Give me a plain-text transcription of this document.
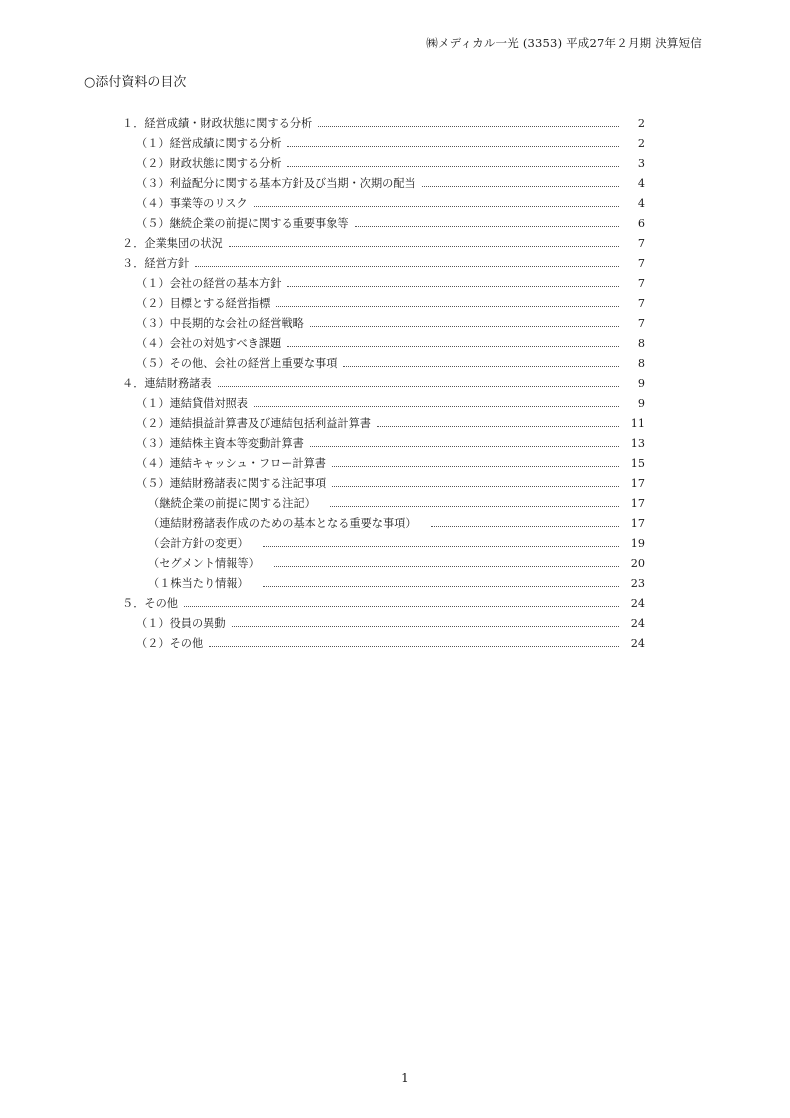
㈱メディカル一光 (3353) 平成27年２月期 決算短信
○添付資料の目次
１．経営成績・財政状態に関する分析	2
（１）経営成績に関する分析	2
（２）財政状態に関する分析	3
（３）利益配分に関する基本方針及び当期・次期の配当	4
（４）事業等のリスク	4
（５）継続企業の前提に関する重要事象等	6
２．企業集団の状況	7
３．経営方針	7
（１）会社の経営の基本方針	7
（２）目標とする経営指標	7
（３）中長期的な会社の経営戦略	7
（４）会社の対処すべき課題	8
（５）その他、会社の経営上重要な事項	8
４．連結財務諸表	9
（１）連結貸借対照表	9
（２）連結損益計算書及び連結包括利益計算書	11
（３）連結株主資本等変動計算書	13
（４）連結キャッシュ・フロー計算書	15
（５）連結財務諸表に関する注記事項	17
（継続企業の前提に関する注記）	17
（連結財務諸表作成のための基本となる重要な事項）	17
（会計方針の変更）	19
（セグメント情報等）	20
（１株当たり情報）	23
５．その他	24
（１）役員の異動	24
（２）その他	24
1
